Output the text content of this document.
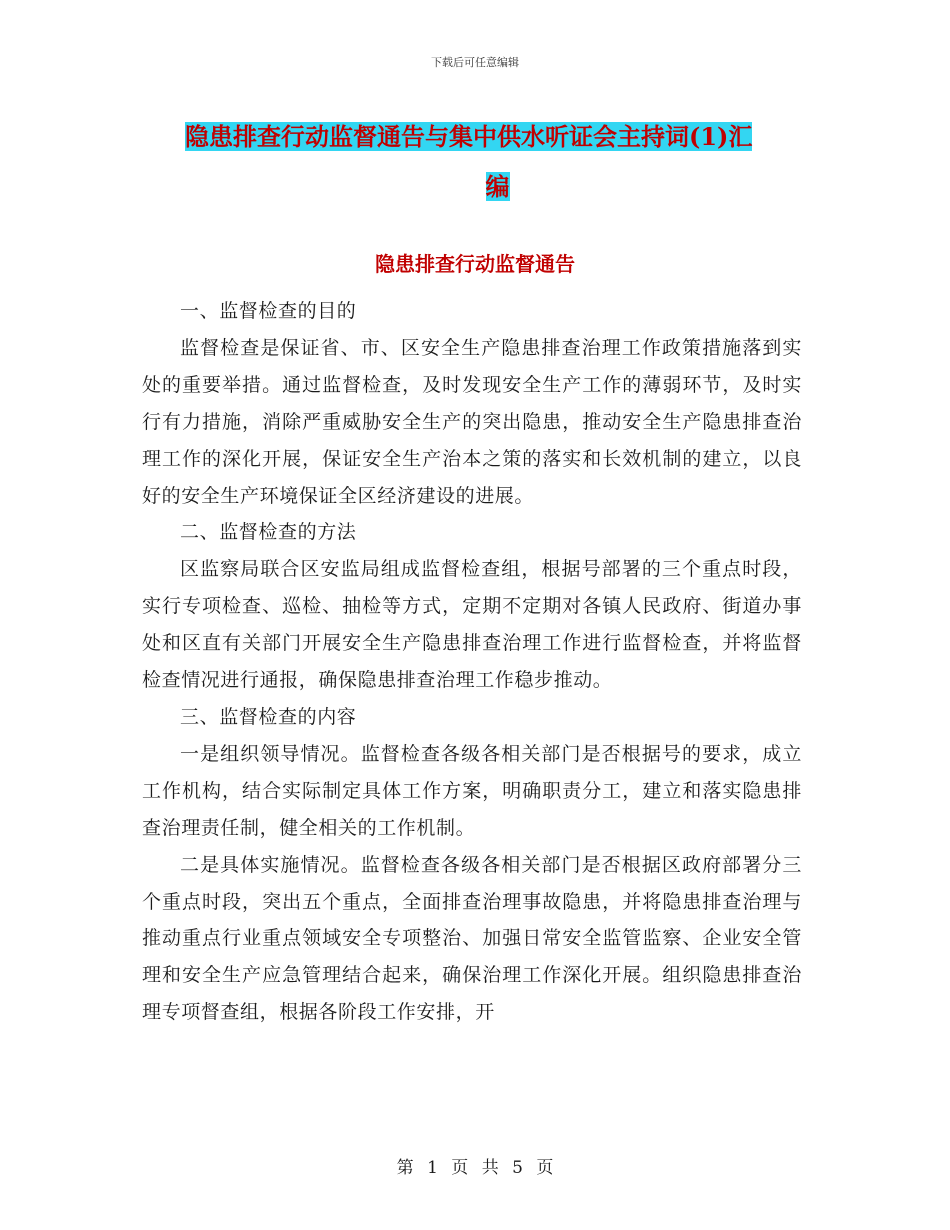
下载后可任意编辑
隐患排查行动监督通告与集中供水听证会主持词(1)汇
编
隐患排查行动监督通告

一、监督检查的目的

监督检查是保证省、市、区安全生产隐患排查治理工作政策措施落到实处的重要举措。通过监督检查，及时发现安全生产工作的薄弱环节，及时实行有力措施，消除严重威胁安全生产的突出隐患，推动安全生产隐患排查治理工作的深化开展，保证安全生产治本之策的落实和长效机制的建立，以良好的安全生产环境保证全区经济建设的进展。

二、监督检查的方法

区监察局联合区安监局组成监督检查组，根据号部署的三个重点时段，实行专项检查、巡检、抽检等方式，定期不定期对各镇人民政府、街道办事处和区直有关部门开展安全生产隐患排查治理工作进行监督检查，并将监督检查情况进行通报，确保隐患排查治理工作稳步推动。

三、监督检查的内容

一是组织领导情况。监督检查各级各相关部门是否根据号的要求，成立工作机构，结合实际制定具体工作方案，明确职责分工，建立和落实隐患排查治理责任制，健全相关的工作机制。

二是具体实施情况。监督检查各级各相关部门是否根据区政府部署分三个重点时段，突出五个重点，全面排查治理事故隐患，并将隐患排查治理与推动重点行业重点领域安全专项整治、加强日常安全监管监察、企业安全管理和安全生产应急管理结合起来，确保治理工作深化开展。组织隐患排查治理专项督查组，根据各阶段工作安排，开

第 1 页 共 5 页
